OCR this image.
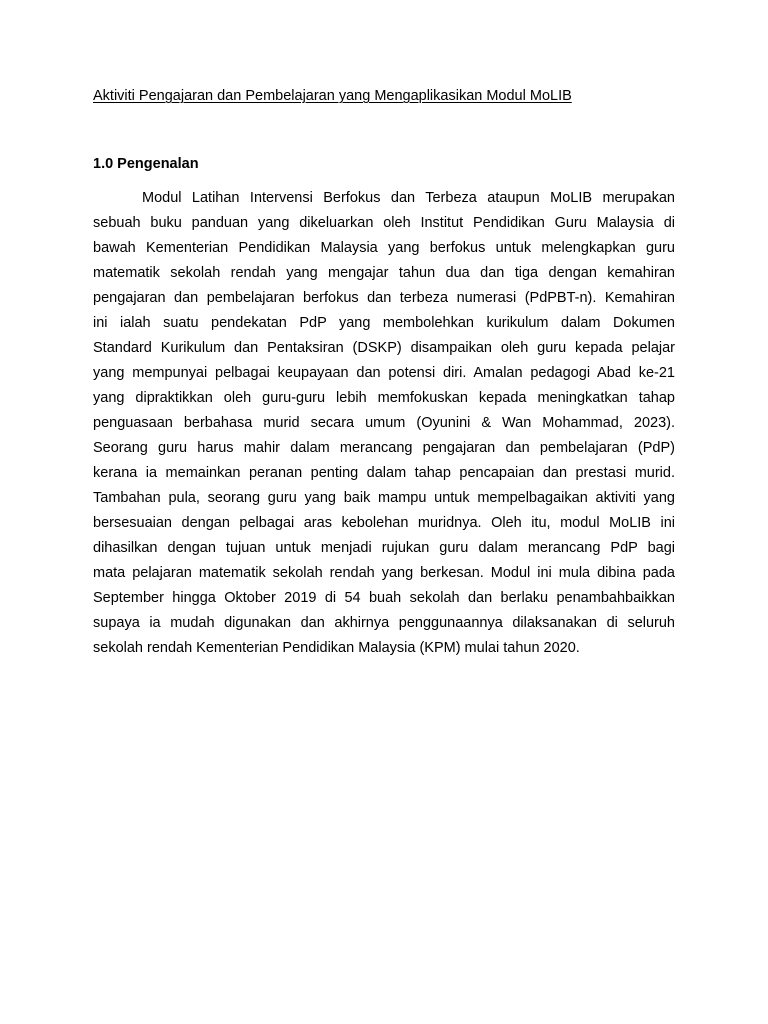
Aktiviti Pengajaran dan Pembelajaran yang Mengaplikasikan Modul MoLIB
1.0 Pengenalan
Modul Latihan Intervensi Berfokus dan Terbeza ataupun MoLIB merupakan
sebuah buku panduan yang dikeluarkan oleh Institut Pendidikan Guru Malaysia di
bawah Kementerian Pendidikan Malaysia yang berfokus untuk melengkapkan guru
matematik sekolah rendah yang mengajar tahun dua dan tiga dengan kemahiran
pengajaran dan pembelajaran berfokus dan terbeza numerasi (PdPBT-n). Kemahiran
ini ialah suatu pendekatan PdP yang membolehkan kurikulum dalam Dokumen
Standard Kurikulum dan Pentaksiran (DSKP) disampaikan oleh guru kepada pelajar
yang mempunyai pelbagai keupayaan dan potensi diri. Amalan pedagogi Abad ke-21
yang dipraktikkan oleh guru-guru lebih memfokuskan kepada meningkatkan tahap
penguasaan berbahasa murid secara umum (Oyunini & Wan Mohammad, 2023).
Seorang guru harus mahir dalam merancang pengajaran dan pembelajaran (PdP)
kerana ia memainkan peranan penting dalam tahap pencapaian dan prestasi murid.
Tambahan pula, seorang guru yang baik mampu untuk mempelbagaikan aktiviti yang
bersesuaian dengan pelbagai aras kebolehan muridnya. Oleh itu, modul MoLIB ini
dihasilkan dengan tujuan untuk menjadi rujukan guru dalam merancang PdP bagi
mata pelajaran matematik sekolah rendah yang berkesan. Modul ini mula dibina pada
September hingga Oktober 2019 di 54 buah sekolah dan berlaku penambahbaikkan
supaya ia mudah digunakan dan akhirnya penggunaannya dilaksanakan di seluruh
sekolah rendah Kementerian Pendidikan Malaysia (KPM) mulai tahun 2020.
